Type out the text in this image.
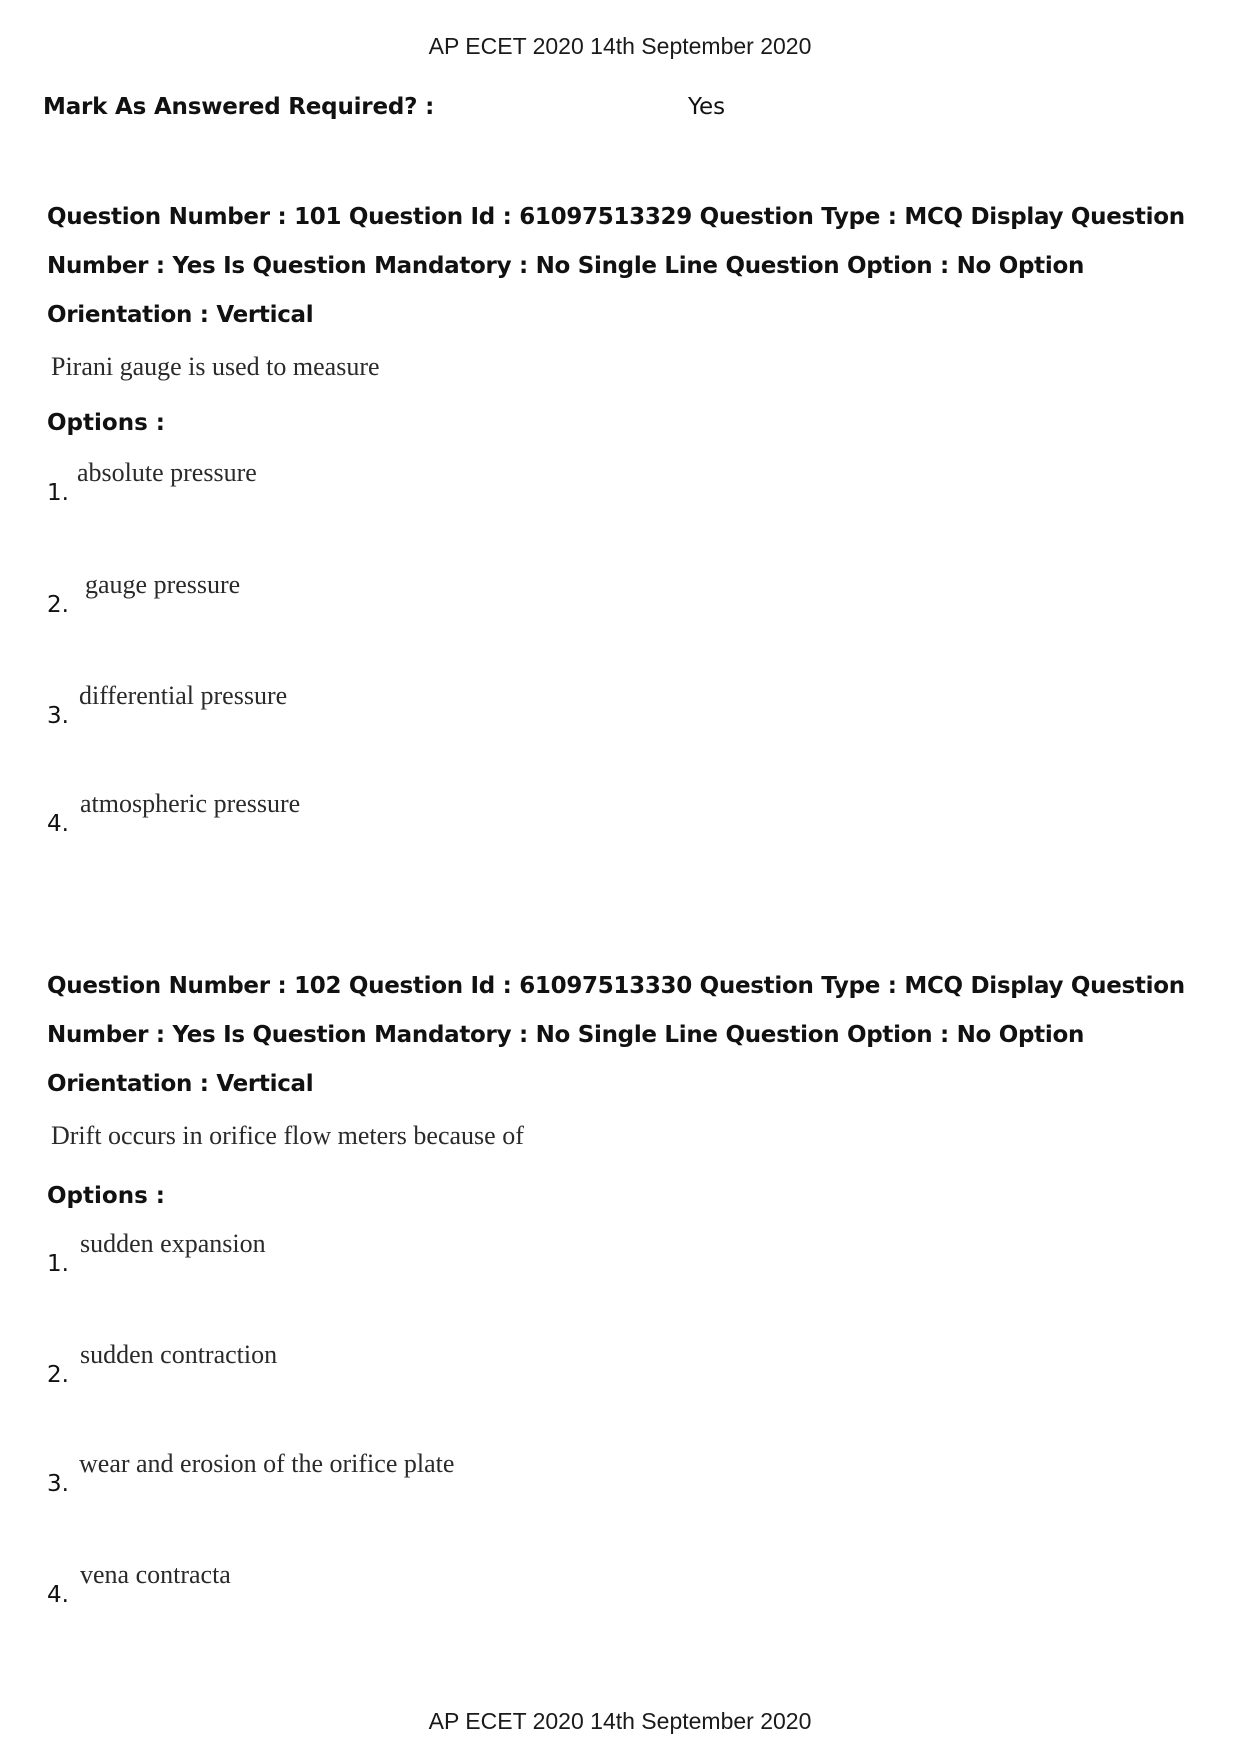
AP ECET 2020 14th September 2020
Mark As Answered Required? :	Yes
Question Number : 101 Question Id : 61097513329 Question Type : MCQ Display Question
Number : Yes Is Question Mandatory : No Single Line Question Option : No Option
Orientation : Vertical
Pirani gauge is used to measure
Options :
1.
absolute pressure
2.
gauge pressure
3.
differential pressure
4.
atmospheric pressure
Question Number : 102 Question Id : 61097513330 Question Type : MCQ Display Question
Number : Yes Is Question Mandatory : No Single Line Question Option : No Option
Orientation : Vertical
Drift occurs in orifice flow meters because of
Options :
1.
sudden expansion
2.
sudden contraction
3.
wear and erosion of the orifice plate
4.
vena contracta
AP ECET 2020 14th September 2020
